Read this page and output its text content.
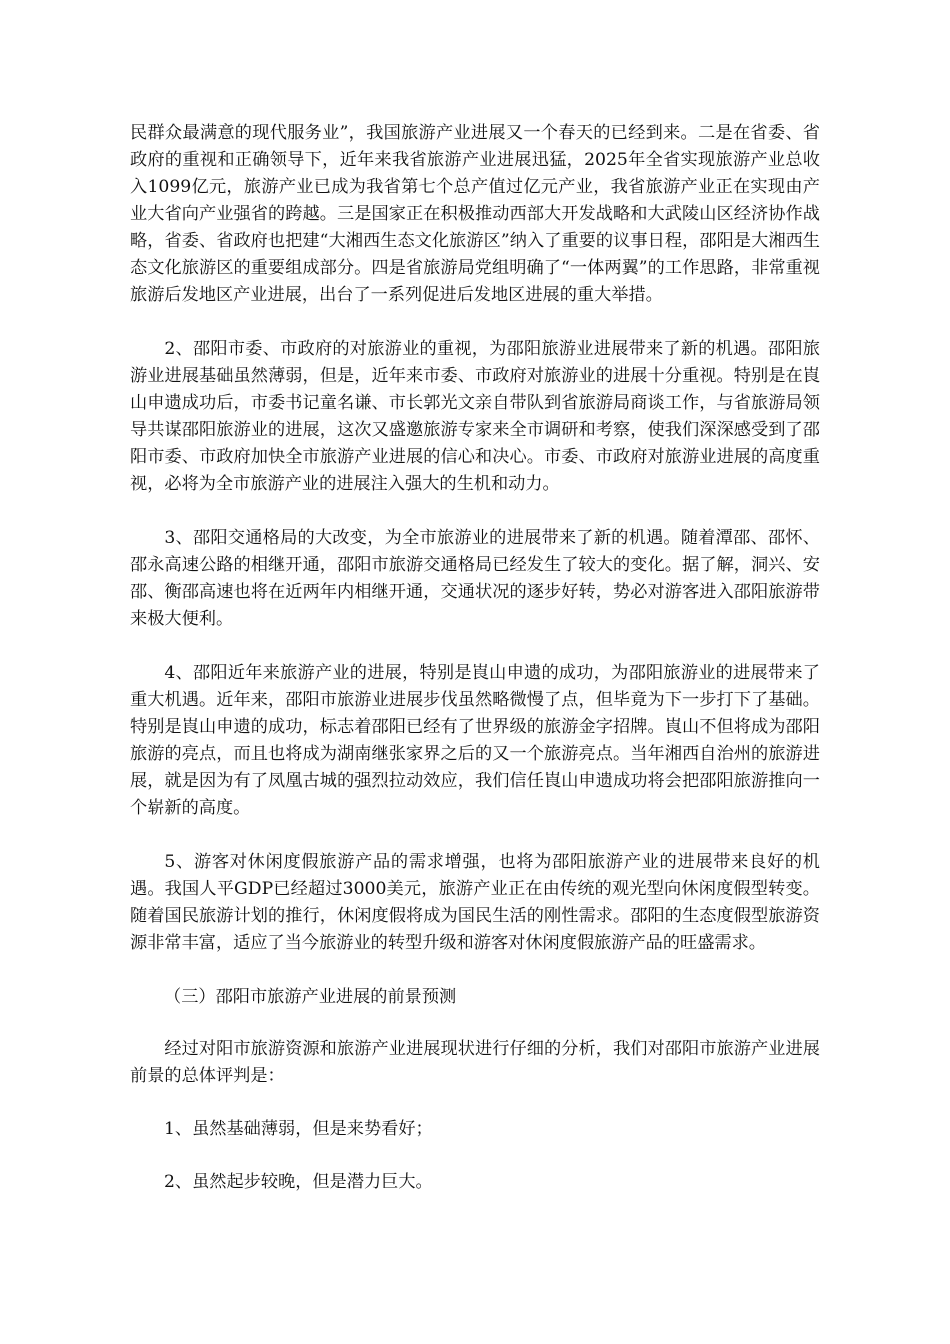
民群众最满意的现代服务业”，我国旅游产业进展又一个春天的已经到来。二是在省委、省政府的重视和正确领导下，近年来我省旅游产业进展迅猛，2025年全省实现旅游产业总收入1099亿元，旅游产业已成为我省第七个总产值过亿元产业，我省旅游产业正在实现由产业大省向产业强省的跨越。三是国家正在积极推动西部大开发战略和大武陵山区经济协作战略，省委、省政府也把建“大湘西生态文化旅游区”纳入了重要的议事日程，邵阳是大湘西生态文化旅游区的重要组成部分。四是省旅游局党组明确了“一体两翼”的工作思路，非常重视旅游后发地区产业进展，出台了一系列促进后发地区进展的重大举措。

2、邵阳市委、市政府的对旅游业的重视，为邵阳旅游业进展带来了新的机遇。邵阳旅游业进展基础虽然薄弱，但是，近年来市委、市政府对旅游业的进展十分重视。特别是在崀山申遗成功后，市委书记童名谦、市长郭光文亲自带队到省旅游局商谈工作，与省旅游局领导共谋邵阳旅游业的进展，这次又盛邀旅游专家来全市调研和考察，使我们深深感受到了邵阳市委、市政府加快全市旅游产业进展的信心和决心。市委、市政府对旅游业进展的高度重视，必将为全市旅游产业的进展注入强大的生机和动力。

3、邵阳交通格局的大改变，为全市旅游业的进展带来了新的机遇。随着潭邵、邵怀、邵永高速公路的相继开通，邵阳市旅游交通格局已经发生了较大的变化。据了解，洞兴、安邵、衡邵高速也将在近两年内相继开通，交通状况的逐步好转，势必对游客进入邵阳旅游带来极大便利。

4、邵阳近年来旅游产业的进展，特别是崀山申遗的成功，为邵阳旅游业的进展带来了重大机遇。近年来，邵阳市旅游业进展步伐虽然略微慢了点，但毕竟为下一步打下了基础。特别是崀山申遗的成功，标志着邵阳已经有了世界级的旅游金字招牌。崀山不但将成为邵阳旅游的亮点，而且也将成为湖南继张家界之后的又一个旅游亮点。当年湘西自治州的旅游进展，就是因为有了凤凰古城的强烈拉动效应，我们信任崀山申遗成功将会把邵阳旅游推向一个崭新的高度。

5、游客对休闲度假旅游产品的需求增强，也将为邵阳旅游产业的进展带来良好的机遇。我国人平GDP已经超过3000美元，旅游产业正在由传统的观光型向休闲度假型转变。随着国民旅游计划的推行，休闲度假将成为国民生活的刚性需求。邵阳的生态度假型旅游资源非常丰富，适应了当今旅游业的转型升级和游客对休闲度假旅游产品的旺盛需求。

（三）邵阳市旅游产业进展的前景预测

经过对阳市旅游资源和旅游产业进展现状进行仔细的分析，我们对邵阳市旅游产业进展前景的总体评判是：

1、虽然基础薄弱，但是来势看好；
2、虽然起步较晚，但是潜力巨大。
